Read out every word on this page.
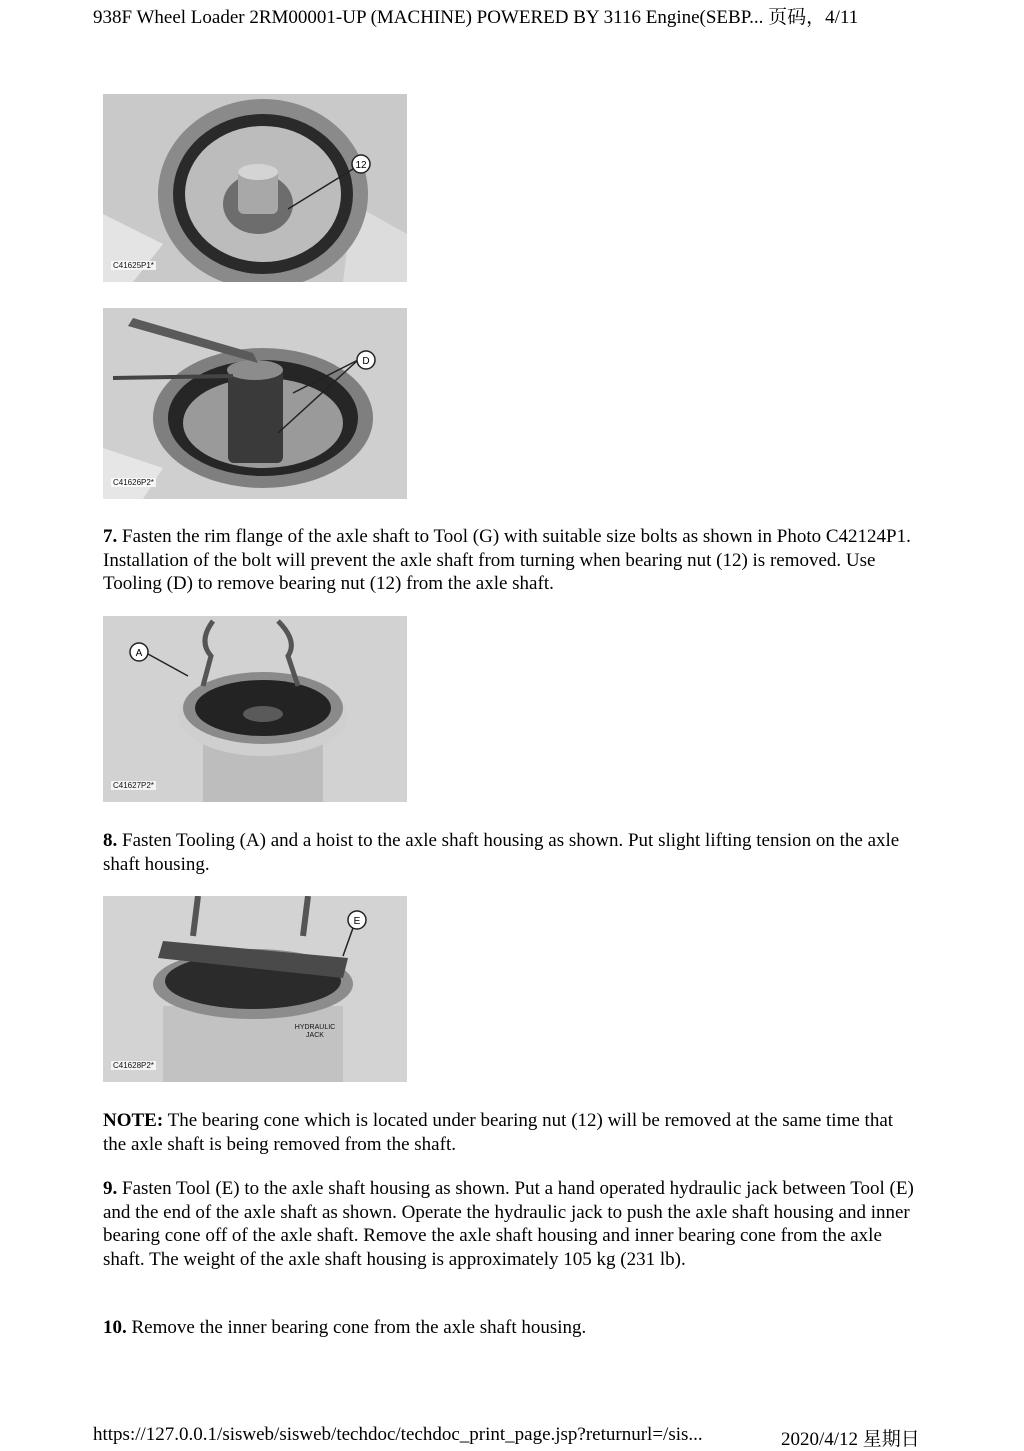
938F Wheel Loader 2RM00001-UP (MACHINE) POWERED BY 3116 Engine(SEBP... 页码，4/11
12
C41625P1*
D
C41626P2*

7. Fasten the rim flange of the axle shaft to Tool (G) with suitable size bolts as shown in Photo C42124P1. Installation of the bolt will prevent the axle shaft from turning when bearing nut (12) is removed. Use Tooling (D) to remove bearing nut (12) from the axle shaft.

A
C41627P2*

8. Fasten Tooling (A) and a hoist to the axle shaft housing as shown. Put slight lifting tension on the axle shaft housing.

E
HYDRAULIC
JACK
C41628P2*

NOTE: The bearing cone which is located under bearing nut (12) will be removed at the same time that the axle shaft is being removed from the shaft.

9. Fasten Tool (E) to the axle shaft housing as shown. Put a hand operated hydraulic jack between Tool (E) and the end of the axle shaft as shown. Operate the hydraulic jack to push the axle shaft housing and inner bearing cone off of the axle shaft. Remove the axle shaft housing and inner bearing cone from the axle shaft. The weight of the axle shaft housing is approximately 105 kg (231 lb).

10. Remove the inner bearing cone from the axle shaft housing.

https://127.0.0.1/sisweb/sisweb/techdoc/techdoc_print_page.jsp?returnurl=/sis...	2020/4/12 星期日
